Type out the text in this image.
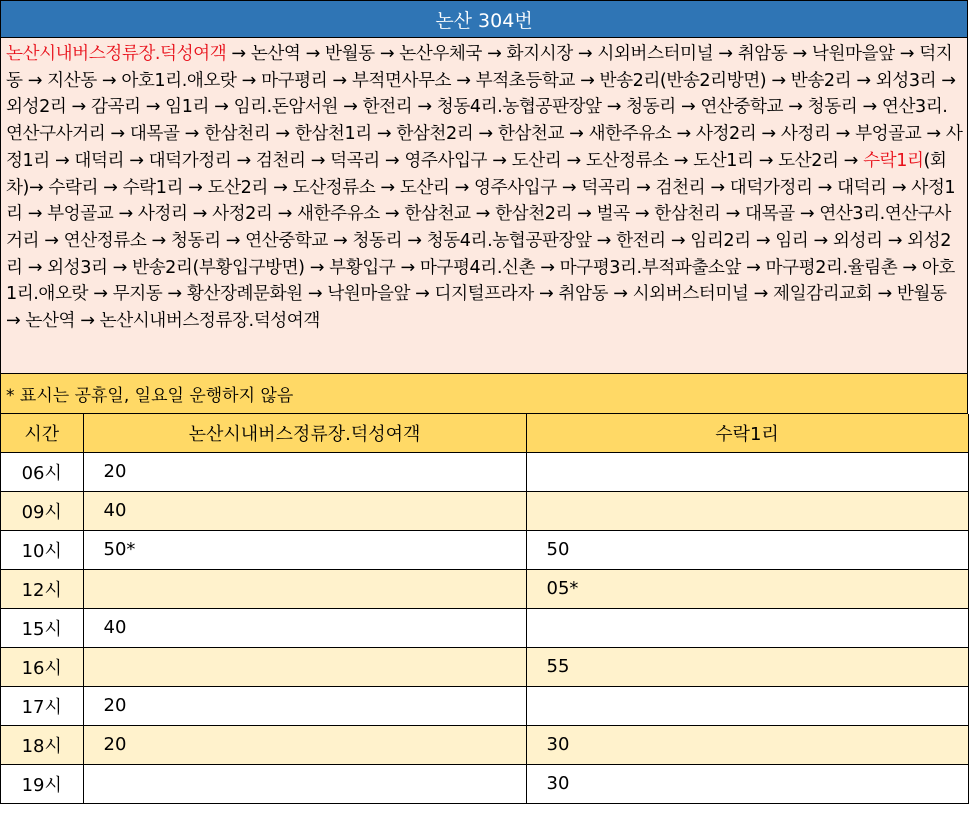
논산 304번
논산시내버스정류장.덕성여객 → 논산역 → 반월동 → 논산우체국 → 화지시장 → 시외버스터미널 → 취암동 → 낙원마을앞 → 덕지동 → 지산동 → 아호1리.애오랏 → 마구평리 → 부적면사무소 → 부적초등학교 → 반송2리(반송2리방면) → 반송2리 → 외성3리 → 외성2리 → 감곡리 → 임1리 → 임리.돈암서원 → 한전리 → 청동4리.농협공판장앞 → 청동리 → 연산중학교 → 청동리 → 연산3리.연산구사거리 → 대목골 → 한삼천리 → 한삼천1리 → 한삼천2리 → 한삼천교 → 새한주유소 → 사정2리 → 사정리 → 부엉골교 → 사정1리 → 대덕리 → 대덕가정리 → 검천리 → 덕곡리 → 영주사입구 → 도산리 → 도산정류소 → 도산1리 → 도산2리 → 수락1리(회차)→ 수락리 → 수락1리 → 도산2리 → 도산정류소 → 도산리 → 영주사입구 → 덕곡리 → 검천리 → 대덕가정리 → 대덕리 → 사정1리 → 부엉골교 → 사정리 → 사정2리 → 새한주유소 → 한삼천교 → 한삼천2리 → 벌곡 → 한삼천리 → 대목골 → 연산3리.연산구사거리 → 연산정류소 → 청동리 → 연산중학교 → 청동리 → 청동4리.농협공판장앞 → 한전리 → 임리2리 → 임리 → 외성리 → 외성2리 → 외성3리 → 반송2리(부황입구방면) → 부황입구 → 마구평4리.신촌 → 마구평3리.부적파출소앞 → 마구평2리.율림촌 → 아호1리.애오랏 → 무지동 → 황산장례문화원 → 낙원마을앞 → 디지털프라자 → 취암동 → 시외버스터미널 → 제일감리교회 → 반월동 → 논산역 → 논산시내버스정류장.덕성여객
* 표시는 공휴일, 일요일 운행하지 않음
시간	논산시내버스정류장.덕성여객	수락1리
06시	20	
09시	40	
10시	50*	50
12시		05*
15시	40	
16시		55
17시	20	
18시	20	30
19시		30
